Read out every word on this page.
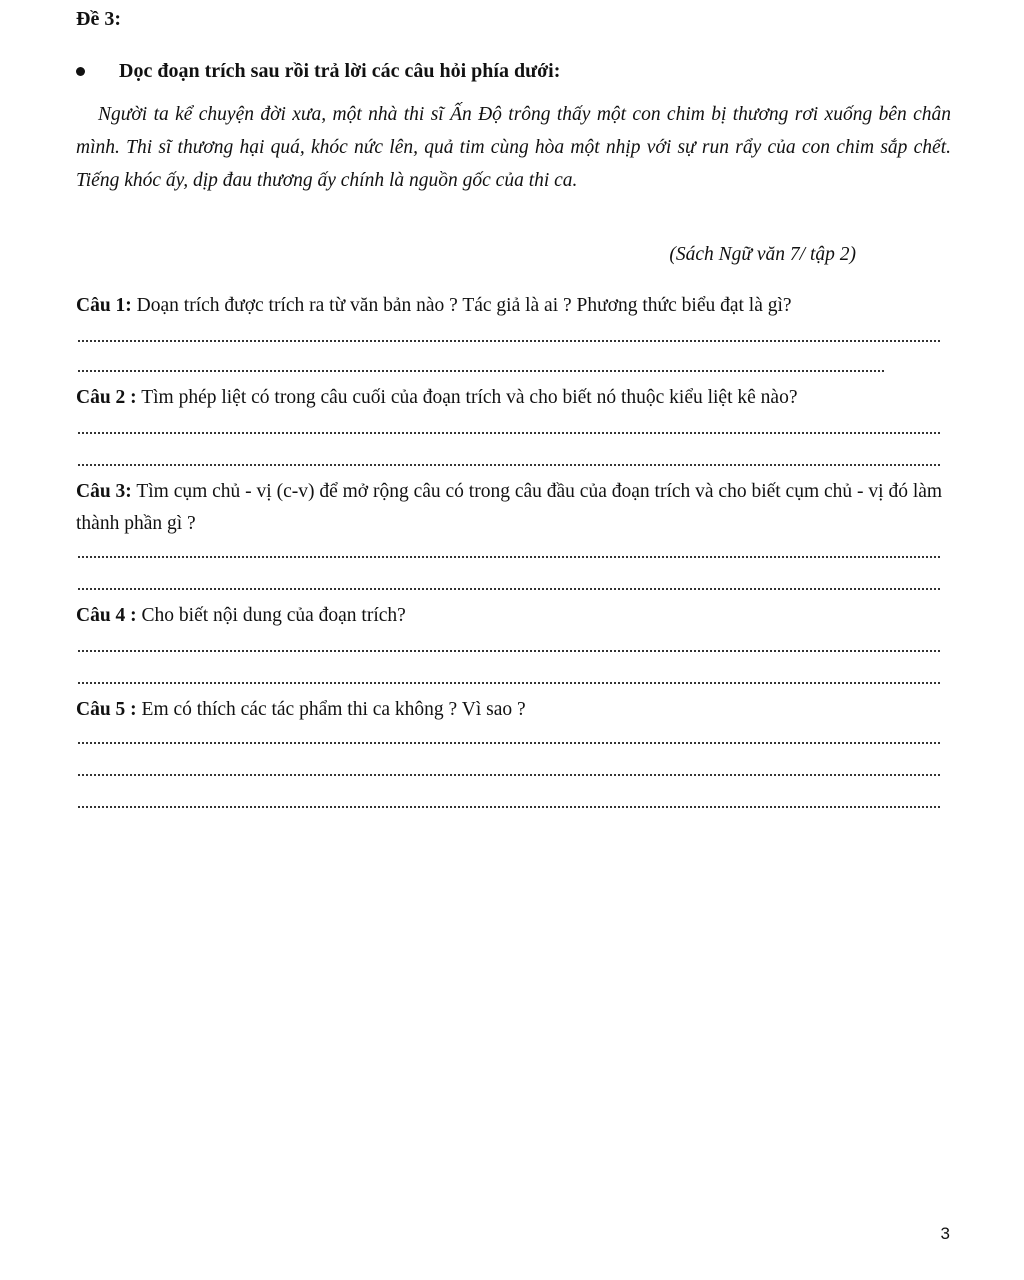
Đề 3:

Dọc đoạn trích sau rồi trả lời các câu hỏi phía dưới:

Người ta kể chuyện đời xưa, một nhà thi sĩ Ấn Độ trông thấy một con chim bị thương rơi xuống bên chân mình. Thi sĩ thương hại quá, khóc nức lên, quả tim cùng hòa một nhịp với sự run rẩy của con chim sắp chết. Tiếng khóc ấy, dịp đau thương ấy chính là nguồn gốc của thi ca.

(Sách Ngữ văn 7/ tập 2)

Câu 1: Doạn trích được trích ra từ văn bản nào ? Tác giả là ai ? Phương thức biểu đạt là gì?

Câu 2 : Tìm phép liệt có trong câu cuối của đoạn trích và cho biết nó thuộc kiểu liệt kê nào?

Câu 3: Tìm cụm chủ - vị (c-v) để mở rộng câu có trong câu đầu của đoạn trích và cho biết cụm chủ - vị đó làm thành phần gì ?

Câu 4 : Cho biết nội dung của đoạn trích?

Câu 5 : Em có thích các tác phẩm thi ca không ? Vì sao ?

3
